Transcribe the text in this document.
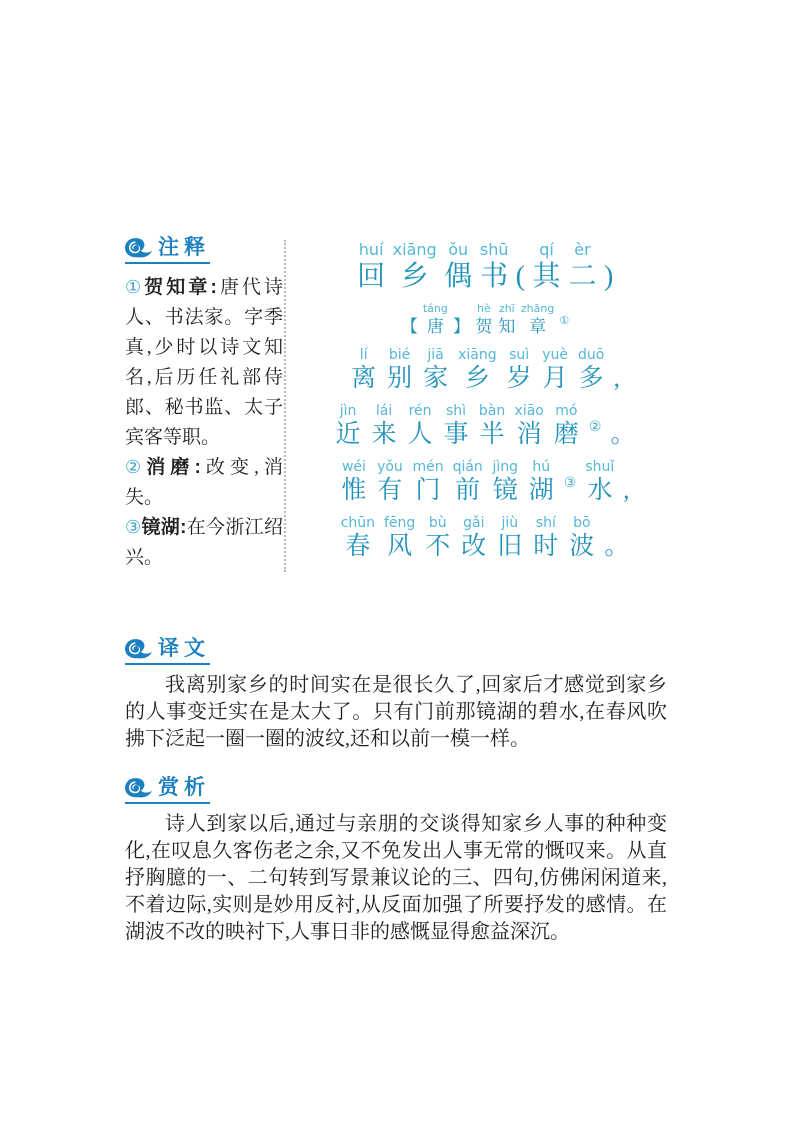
注释

①贺知章:唐代诗人、书法家。字季真,少时以诗文知名,后历任礼部侍郎、秘书监、太子宾客等职。

②消磨:改变,消失。

③镜湖:在今浙江绍兴。

huí
回
xiāng
乡
ǒu
偶
shū
书 (
qí
其
èr
二 )
【
táng
唐 】
hè
贺
zhī
知
zhāng
章 ①
lí
离
bié
别
jiā
家
xiāng
乡
suì
岁
yuè
月
duō
多 ,
jìn
近
lái
来
rén
人
shì
事
bàn
半
xiāo
消
mó
磨 ② 。
wéi
惟
yǒu
有
mén
门
qián
前
jìng
镜
hú
湖 ③
shuǐ
水 ,
chūn
春
fēng
风
bù
不
gǎi
改
jiù
旧
shí
时
bō
波 。
译文

我离别家乡的时间实在是很长久了,回家后才感觉到家乡的人事变迁实在是太大了。只有门前那镜湖的碧水,在春风吹拂下泛起一圈一圈的波纹,还和以前一模一样。

赏析

诗人到家以后,通过与亲朋的交谈得知家乡人事的种种变化,在叹息久客伤老之余,又不免发出人事无常的慨叹来。从直抒胸臆的一、二句转到写景兼议论的三、四句,仿佛闲闲道来,不着边际,实则是妙用反衬,从反面加强了所要抒发的感情。在湖波不改的映衬下,人事日非的感慨显得愈益深沉。
